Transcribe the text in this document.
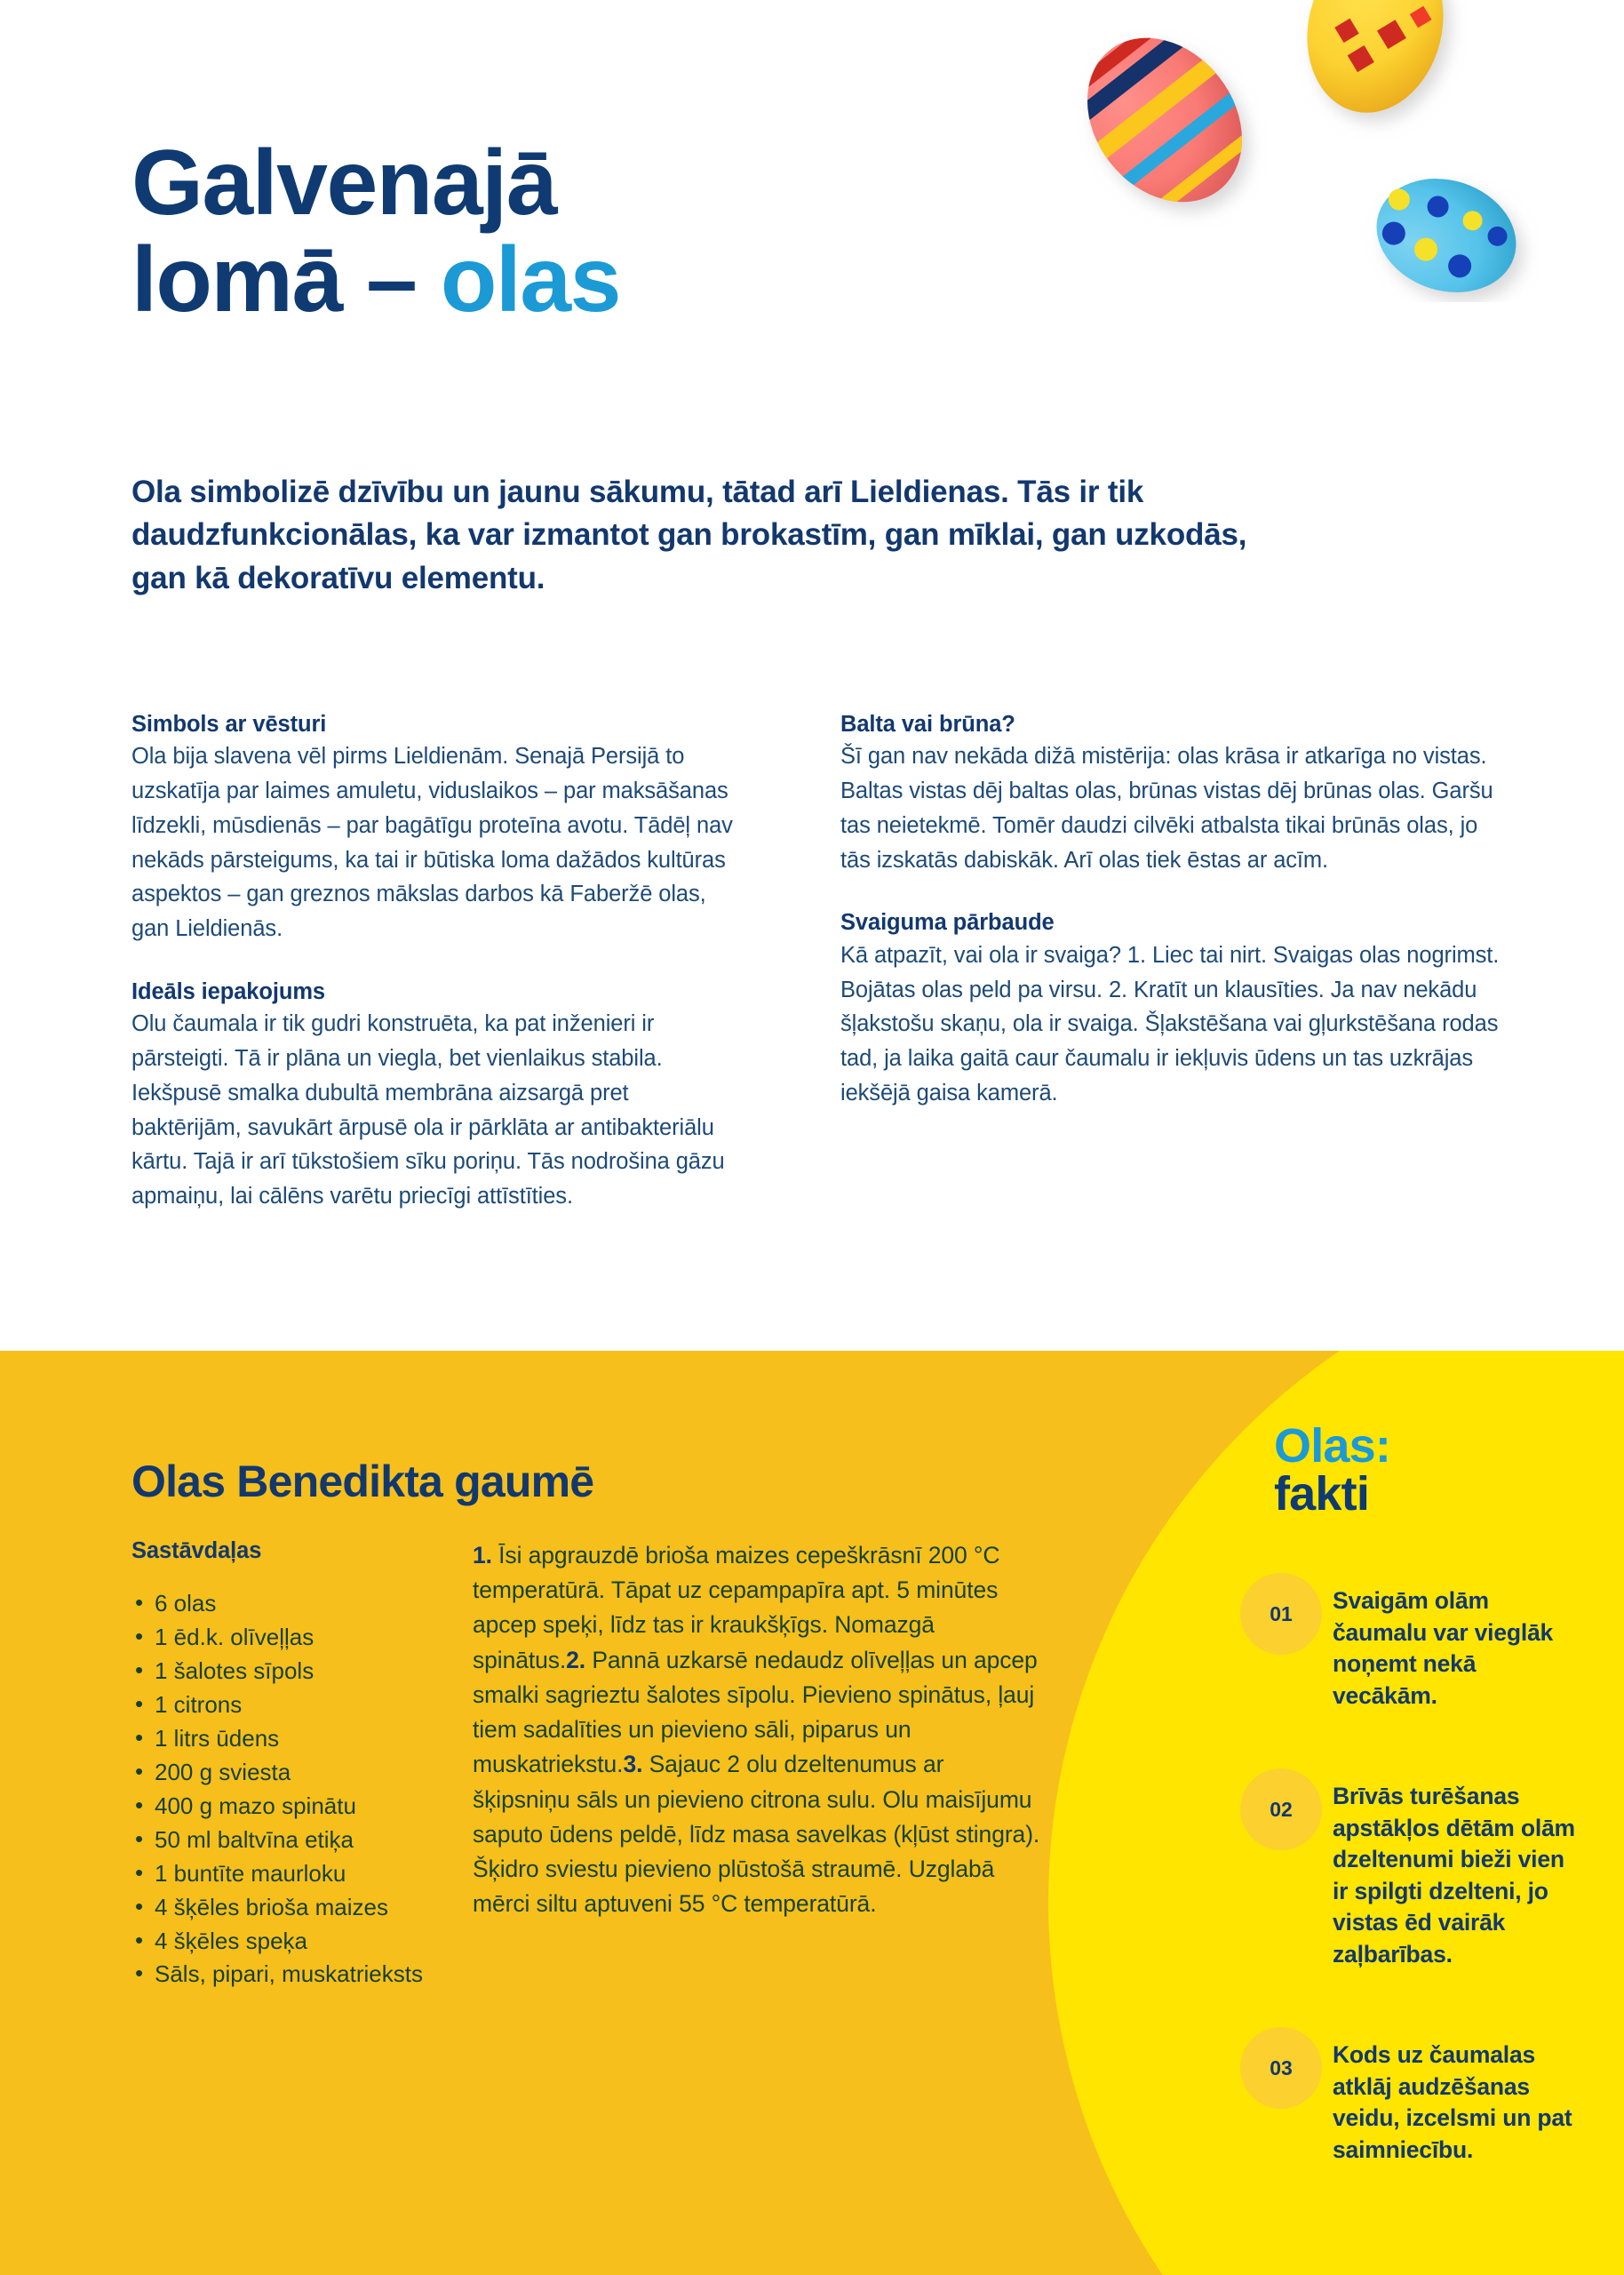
Galvenajā
lomā – olas
Ola simbolizē dzīvību un jaunu sākumu, tātad arī Lieldienas. Tās ir tik daudzfunkcionālas, ka var izmantot gan brokastīm, gan mīklai, gan uzkodās, gan kā dekoratīvu elementu.
Simbols ar vēsturi
Ola bija slavena vēl pirms Lieldienām. Senajā Persijā to uzskatīja par laimes amuletu, viduslaikos – par maksāšanas līdzekli, mūsdienās – par bagātīgu proteīna avotu. Tādēļ nav nekāds pārsteigums, ka tai ir būtiska loma dažādos kultūras aspektos – gan greznos mākslas darbos kā Faberžē olas, gan Lieldienās.
Ideāls iepakojums
Olu čaumala ir tik gudri konstruēta, ka pat inženieri ir pārsteigti. Tā ir plāna un viegla, bet vienlaikus stabila. Iekšpusē smalka dubultā membrāna aizsargā pret baktērijām, savukārt ārpusē ola ir pārklāta ar antibakteriālu kārtu. Tajā ir arī tūkstošiem sīku poriņu. Tās nodrošina gāzu apmaiņu, lai cālēns varētu priecīgi attīstīties.
Balta vai brūna?
Šī gan nav nekāda dižā mistērija: olas krāsa ir atkarīga no vistas. Baltas vistas dēj baltas olas, brūnas vistas dēj brūnas olas. Garšu tas neietekmē. Tomēr daudzi cilvēki atbalsta tikai brūnās olas, jo tās izskatās dabiskāk. Arī olas tiek ēstas ar acīm.
Svaiguma pārbaude
Kā atpazīt, vai ola ir svaiga? 1. Liec tai nirt. Svaigas olas nogrimst. Bojātas olas peld pa virsu. 2. Kratīt un klausīties. Ja nav nekādu šļakstošu skaņu, ola ir svaiga. Šļakstēšana vai gļurkstēšana rodas tad, ja laika gaitā caur čaumalu ir iekļuvis ūdens un tas uzkrājas iekšējā gaisa kamerā.
Olas Benedikta gaumē
Sastāvdaļas
• 6 olas
• 1 ēd.k. olīveļļas
• 1 šalotes sīpols
• 1 citrons
• 1 litrs ūdens
• 200 g sviesta
• 400 g mazo spinātu
• 50 ml baltvīna etiķa
• 1 buntīte maurloku
• 4 šķēles brioša maizes
• 4 šķēles speķa
• Sāls, pipari, muskatrieksts
1. Īsi apgrauzdē brioša maizes cepeškrāsnī 200 °C temperatūrā. Tāpat uz cepampapīra apt. 5 minūtes apcep speķi, līdz tas ir kraukšķīgs. Nomazgā spinātus.2. Pannā uzkarsē nedaudz olīveļļas un apcep smalki sagrieztu šalotes sīpolu. Pievieno spinātus, ļauj tiem sadalīties un pievieno sāli, piparus un muskatriekstu.3. Sajauc 2 olu dzeltenumus ar šķipsniņu sāls un pievieno citrona sulu. Olu maisījumu saputo ūdens peldē, līdz masa savelkas (kļūst stingra). Šķidro sviestu pievieno plūstošā straumē. Uzglabā mērci siltu aptuveni 55 °C temperatūrā.
Olas:
fakti
01	Svaigām olām čaumalu var vieglāk noņemt nekā vecākām.
02	Brīvās turēšanas apstākļos dētām olām dzeltenumi bieži vien ir spilgti dzelteni, jo vistas ēd vairāk zaļbarības.
03	Kods uz čaumalas atklāj audzēšanas veidu, izcelsmi un pat saimniecību.
